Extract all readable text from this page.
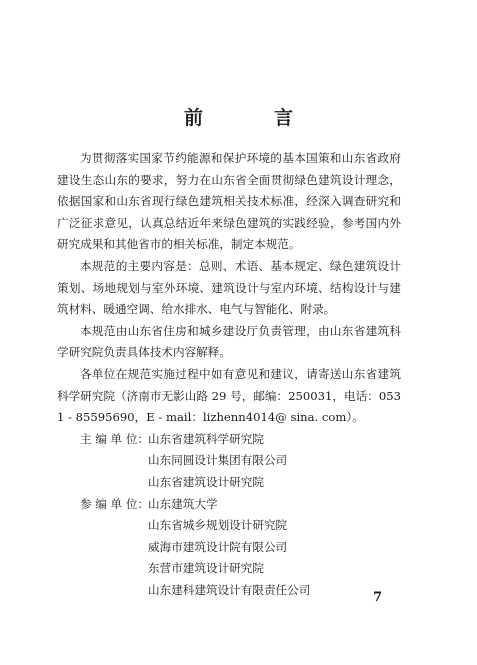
前　言

为贯彻落实国家节约能源和保护环境的基本国策和山东省政府建设生态山东的要求，努力在山东省全面贯彻绿色建筑设计理念，依据国家和山东省现行绿色建筑相关技术标准，经深入调查研究和广泛征求意见，认真总结近年来绿色建筑的实践经验，参考国内外研究成果和其他省市的相关标准，制定本规范。

本规范的主要内容是：总则、术语、基本规定、绿色建筑设计策划、场地规划与室外环境、建筑设计与室内环境、结构设计与建筑材料、暖通空调、给水排水、电气与智能化、附录。

本规范由山东省住房和城乡建设厅负责管理，由山东省建筑科学研究院负责具体技术内容解释。

各单位在规范实施过程中如有意见和建议，请寄送山东省建筑科学研究院（济南市无影山路 29 号，邮编：250031，电话：0531 - 85595690，E - mail：lizhenn4014@ sina. com）。

主 编 单 位：
山东省建筑科学研究院
山东同圆设计集团有限公司
山东省建筑设计研究院
参 编 单 位：
山东建筑大学
山东省城乡规划设计研究院
威海市建筑设计院有限公司
东营市建筑设计研究院
山东建科建筑设计有限责任公司
7
